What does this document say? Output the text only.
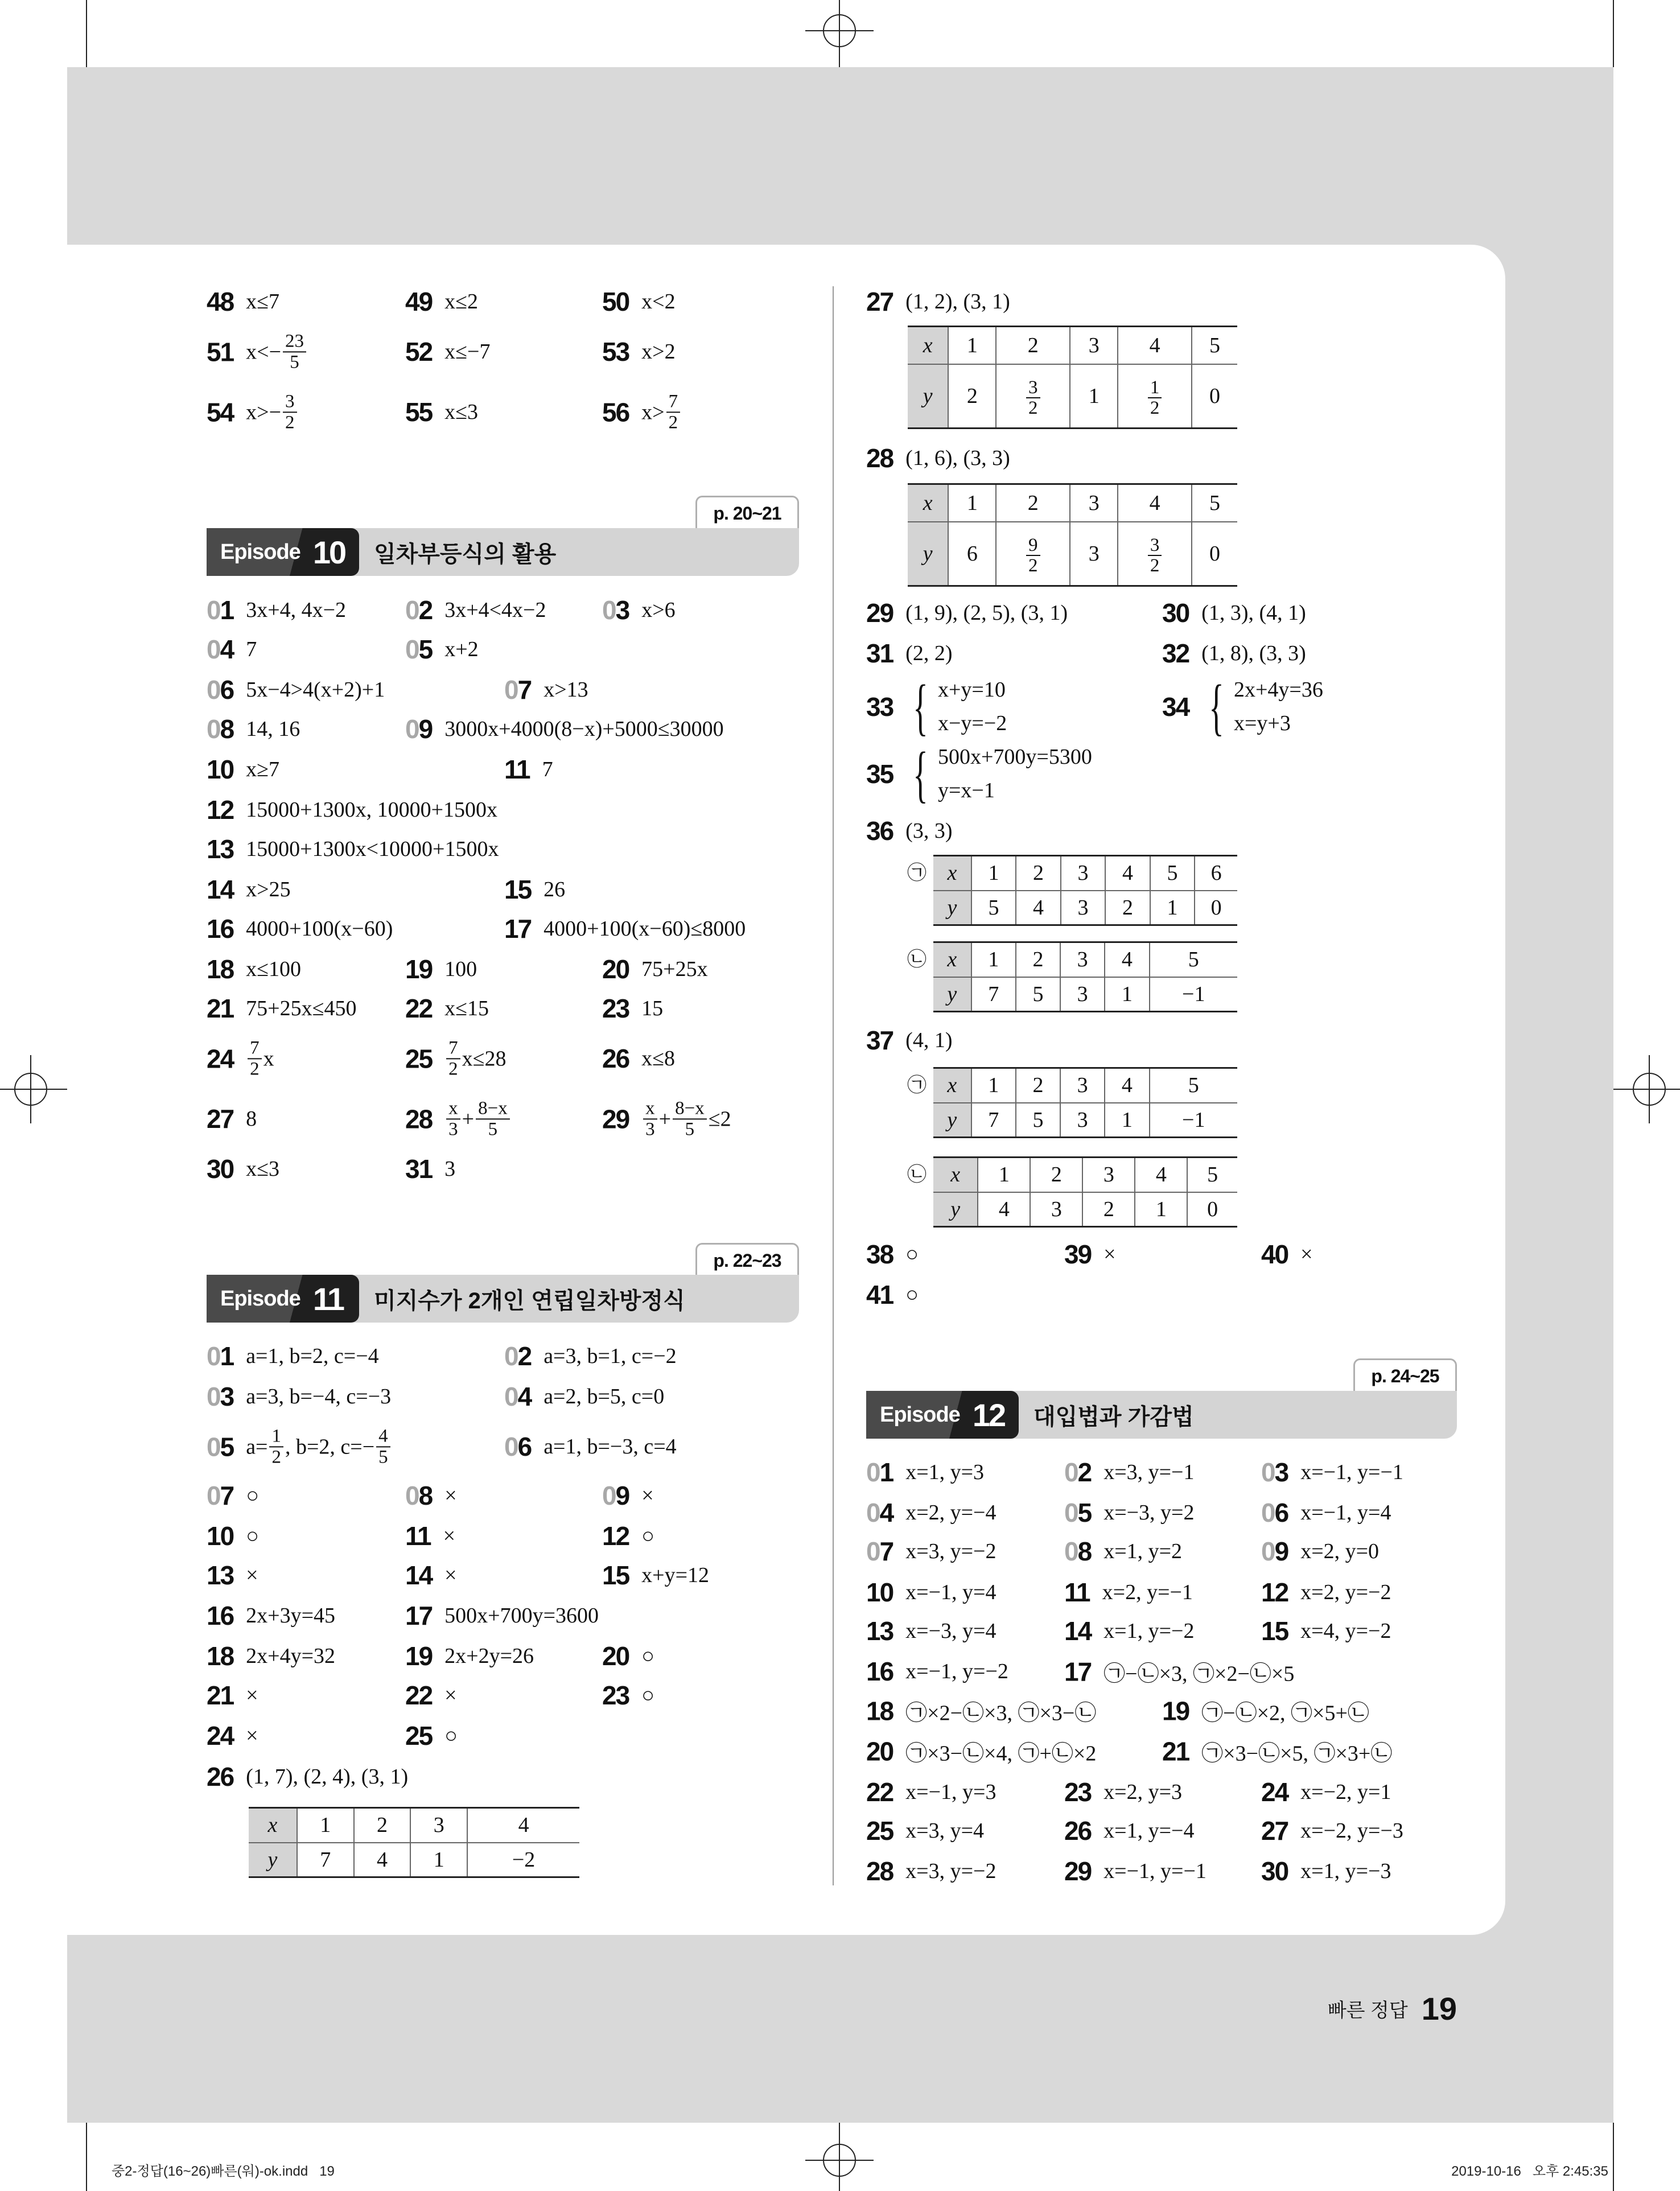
p. 20~21
Episode 10 일차부등식의 활용
p. 22~23
Episode 11 미지수가 2개인 연립일차방정식
p. 24~25
Episode 12 대입법과 가감법
48 x≤7	49 x≤2	50 x<2
51 $x<- \frac{23}{5}$	52 x≤−7	53 x>2
54 $x>- \frac{3}{2}$	55 x≤3	56 $x> \frac{7}{2}$
01 3x+4, 4x−2 02 3x+4<4x−2 03 x>6
04 7	05 x+2
06 5x−4>4(x+2)+1	07 x>13
08 14, 16	09 3000x+4000(8−x)+5000≤30000
10 x≥7	11 7
12 15000+1300x, 10000+1500x
13 15000+1300x<10000+1500x
14 x>25	15 26
16 4000+100(x−60)	17 4000+100(x−60)≤8000
18 x≤100	19 100	20 75+25x
21 75+25x≤450 22 x≤15	23 15
$24 \frac{7}{2}$ x	$25 \frac{7}{2} x\le 28$	26 x≤8
27 8	$28 \frac{x}{3} + \frac{8-x}{5}$	$29 \frac{x}{3} + \frac{8-x}{5} \le 2$
30 x≤3	31 3
01 a=1, b=2, c=−4	02 a=3, b=1, c=−2
03 a=3, b=−4, c=−3	04 a=2, b=5, c=0
05 $a= \frac{1}{2}$ , b=2, $c=- \frac{4}{5}$	06 a=1, b=−3, c=4
07 ○	08 ×	09 ×
10 ○	11 ×	12 ○
13 ×	14 ×	15 x+y=12
16 2x+3y=45	17 500x+700y=3600
18 2x+4y=32	19 2x+2y=26	20 ○
21 ×	22 ×	23 ○
24 ×	25 ○
26 (1, 7), (2, 4), (3, 1)
x	1	2	3	4
y	7	4	1	−2
27 (1, 2), (3, 1)
x	1	2	3	4	5
y	2	$\frac{3}{2}$	1	$\frac{1}{2}$	0
28 (1, 6), (3, 3)
x	1	2	3	4	5
y	6	$\frac{9}{2}$	3	$\frac{3}{2}$	0
29 (1, 9), (2, 5), (3, 1)	30 (1, 3), (4, 1)
31 (2, 2)	32 (1, 8), (3, 3)
33 { x+y=10
x−y=−2
34 { 2x+4y=36
x=y+3
35 { 500x+700y=5300
y=x−1
36 (3, 3)
㉠ x	1	2	3	4	5	6
y	5	4	3	2	1	0
㉡ x	1	2	3	4	5
y	7	5	3	1	−1
37 (4, 1)
㉠ x	1	2	3	4	5
y	7	5	3	1	−1
㉡ x	1	2	3	4	5
y	4	3	2	1	0
38 ○	39 ×	40 ×
41 ○
01 x=1, y=3	02 x=3, y=−1	03 x=−1, y=−1
04 x=2, y=−4	05 x=−3, y=2	06 x=−1, y=4
07 x=3, y=−2	08 x=1, y=2	09 x=2, y=0
10 x=−1, y=4	11 x=2, y=−1	12 x=2, y=−2
13 x=−3, y=4	14 x=1, y=−2	15 x=4, y=−2
16 x=−1, y=−2 17 ㉠−㉡×3, ㉠×2−㉡×5
18 ㉠×2−㉡×3, ㉠×3−㉡	19 ㉠−㉡×2, ㉠×5+㉡
20 ㉠×3−㉡×4, ㉠+㉡×2	21 ㉠×3−㉡×5, ㉠×3+㉡
22 x=−1, y=3	23 x=2, y=3	24 x=−2, y=1
25 x=3, y=4	26 x=1, y=−4	27 x=−2, y=−3
28 x=3, y=−2	29 x=−1, y=−1 30 x=1, y=−3
빠른 정답 19
중2-정답(16~26)빠른(워)-ok.indd   19	2019-10-16   오후 2:45:35
